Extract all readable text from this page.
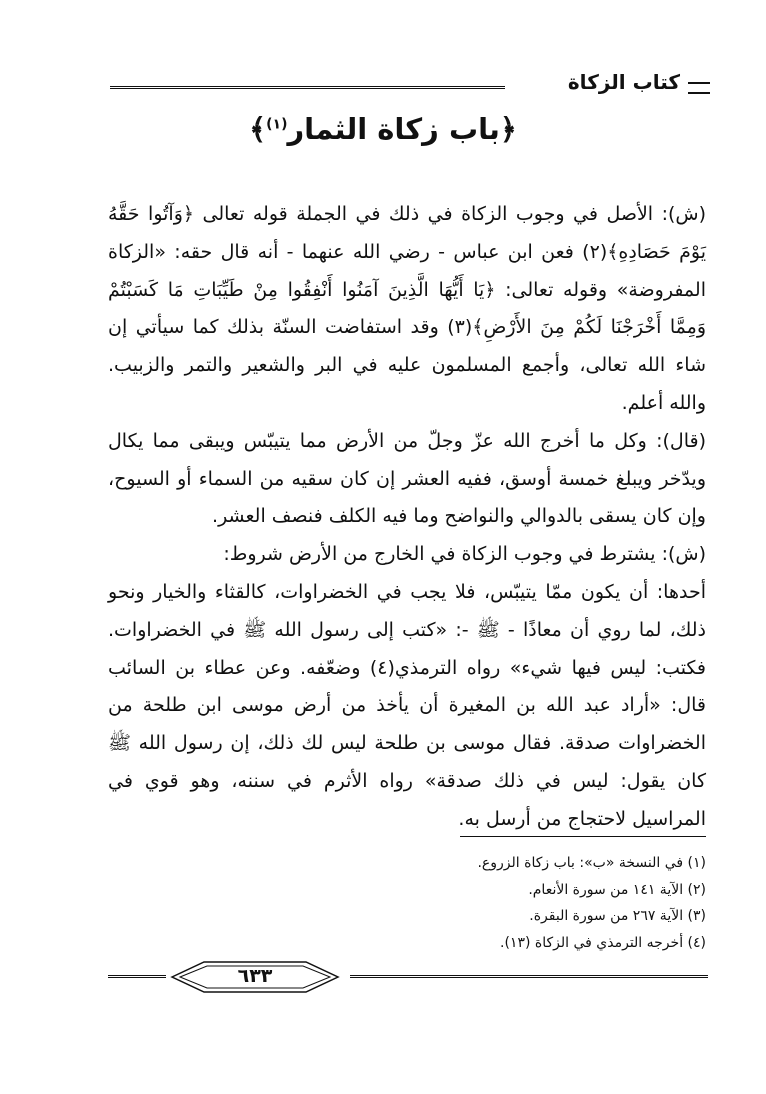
كتاب الزكاة
﴿باب زكاة الثمار$^{(١)}$﴾

(ش): الأصل في وجوب الزكاة في ذلك في الجملة قوله تعالى ﴿وَآتُوا حَقَّهُ يَوْمَ حَصَادِهِ﴾(٢) فعن ابن عباس - رضي الله عنهما - أنه قال حقه: «الزكاة المفروضة» وقوله تعالى: ﴿يَا أَيُّهَا الَّذِينَ آمَنُوا أَنْفِقُوا مِنْ طَيِّبَاتِ مَا كَسَبْتُمْ وَمِمَّا أَخْرَجْنَا لَكُمْ مِنَ الأَرْضِ﴾(٣) وقد استفاضت السنّة بذلك كما سيأتي إن شاء الله تعالى، وأجمع المسلمون عليه في البر والشعير والتمر والزبيب. والله أعلم.

(قال): وكل ما أخرج الله عزّ وجلّ من الأرض مما يتيبّس ويبقى مما يكال ويدّخر ويبلغ خمسة أوسق، ففيه العشر إن كان سقيه من السماء أو السيوح، وإن كان يسقى بالدوالي والنواضح وما فيه الكلف فنصف العشر.

(ش): يشترط في وجوب الزكاة في الخارج من الأرض شروط:

أحدها: أن يكون ممّا يتيبّس، فلا يجب في الخضراوات، كالقثاء والخيار ونحو ذلك، لما روي أن معاذًا - ﷺ -: «كتب إلى رسول الله ﷺ في الخضراوات. فكتب: ليس فيها شيء» رواه الترمذي(٤) وضعّفه. وعن عطاء بن السائب قال: «أراد عبد الله بن المغيرة أن يأخذ من أرض موسى ابن طلحة من الخضراوات صدقة. فقال موسى بن طلحة ليس لك ذلك، إن رسول الله ﷺ كان يقول: ليس في ذلك صدقة» رواه الأثرم في سننه، وهو قوي في المراسيل لاحتجاج من أرسل به.

(١) في النسخة «ب»: باب زكاة الزروع.
(٢) الآية ١٤١ من سورة الأنعام.
(٣) الآية ٢٦٧ من سورة البقرة.
(٤) أخرجه الترمذي في الزكاة (١٣).
٦٣٣
